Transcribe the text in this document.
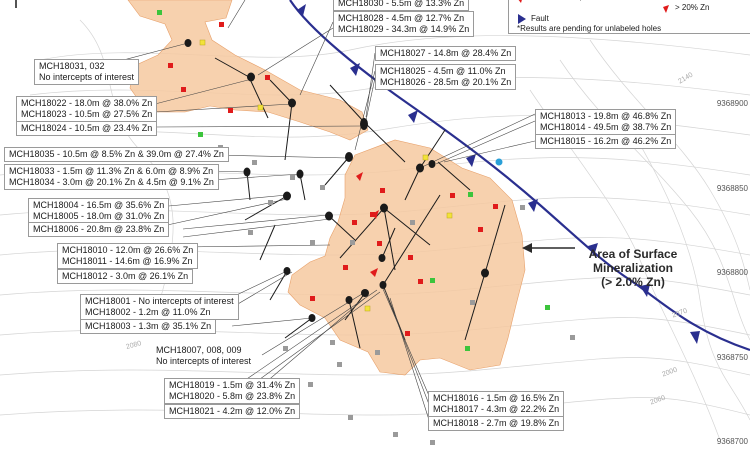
> 20% Zn
Fault
*Results are pending for unlabeled holes
9368900
9368850
9368800
9368750
9368700
2140
2070
2060
2080
2000
MCH18030 - 5.5m @ 13.3% Zn
MCH18028 - 4.5m @ 12.7% Zn
MCH18029 - 34.3m @ 14.9% Zn
MCH18031, 032
No intercepts of interest
MCH18027 - 14.8m @ 28.4% Zn
MCH18025 - 4.5m @ 11.0% Zn
MCH18026 - 28.5m @ 20.1% Zn
MCH18022 - 18.0m @ 38.0% Zn
MCH18023 - 10.5m @ 27.5% Zn
MCH18024 - 10.5m @ 23.4% Zn
MCH18013 - 19.8m @ 46.8% Zn
MCH18014 - 49.5m @ 38.7% Zn
MCH18015 - 16.2m @ 46.2% Zn
MCH18035 - 10.5m @ 8.5% Zn & 39.0m @ 27.4% Zn
MCH18033 - 1.5m @ 11.3% Zn & 6.0m @ 8.9% Zn
MCH18034 - 3.0m @ 20.1% Zn & 4.5m @ 9.1% Zn
MCH18004 - 16.5m @ 35.6% Zn
MCH18005 - 18.0m @ 31.0% Zn
MCH18006 - 20.8m @ 23.8% Zn
MCH18010 - 12.0m @ 26.6% Zn
MCH18011 - 14.6m @ 16.9% Zn
MCH18012 - 3.0m @ 26.1% Zn
MCH18001 - No intercepts of interest
MCH18002 - 1.2m @ 11.0% Zn
MCH18003 - 1.3m @ 35.1% Zn
MCH18007, 008, 009
No intercepts of interest
MCH18019 - 1.5m @ 31.4% Zn
MCH18020 - 5.8m @ 23.8% Zn
MCH18021 - 4.2m @ 12.0% Zn
MCH18016 - 1.5m @ 16.5% Zn
MCH18017 - 4.3m @ 22.2% Zn
MCH18018 - 2.7m @ 19.8% Zn
Area of Surface
Mineralization
(> 2.0% Zn)
